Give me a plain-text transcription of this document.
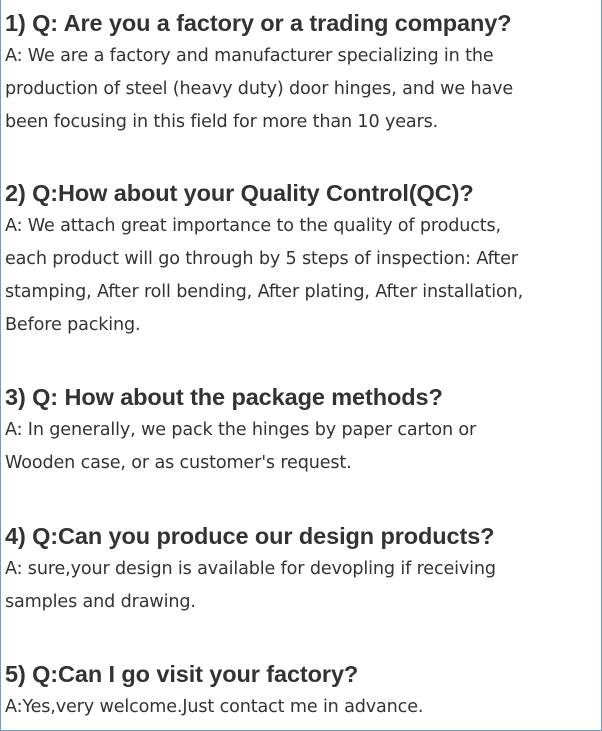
1) Q: Are you a factory or a trading company?
A: We are a factory and manufacturer specializing in the
production of steel (heavy duty) door hinges, and we have
been focusing in this field for more than 10 years.
2) Q:How about your Quality Control(QC)?
A: We attach great importance to the quality of products,
each product will go through by 5 steps of inspection: After
stamping, After roll bending, After plating, After installation,
Before packing.
3) Q: How about the package methods?
A: In generally, we pack the hinges by paper carton or
Wooden case, or as customer's request.
4) Q:Can you produce our design products?
A: sure,your design is available for devopling if receiving
samples and drawing.
5) Q:Can I go visit your factory?
A:Yes,very welcome.Just contact me in advance.
